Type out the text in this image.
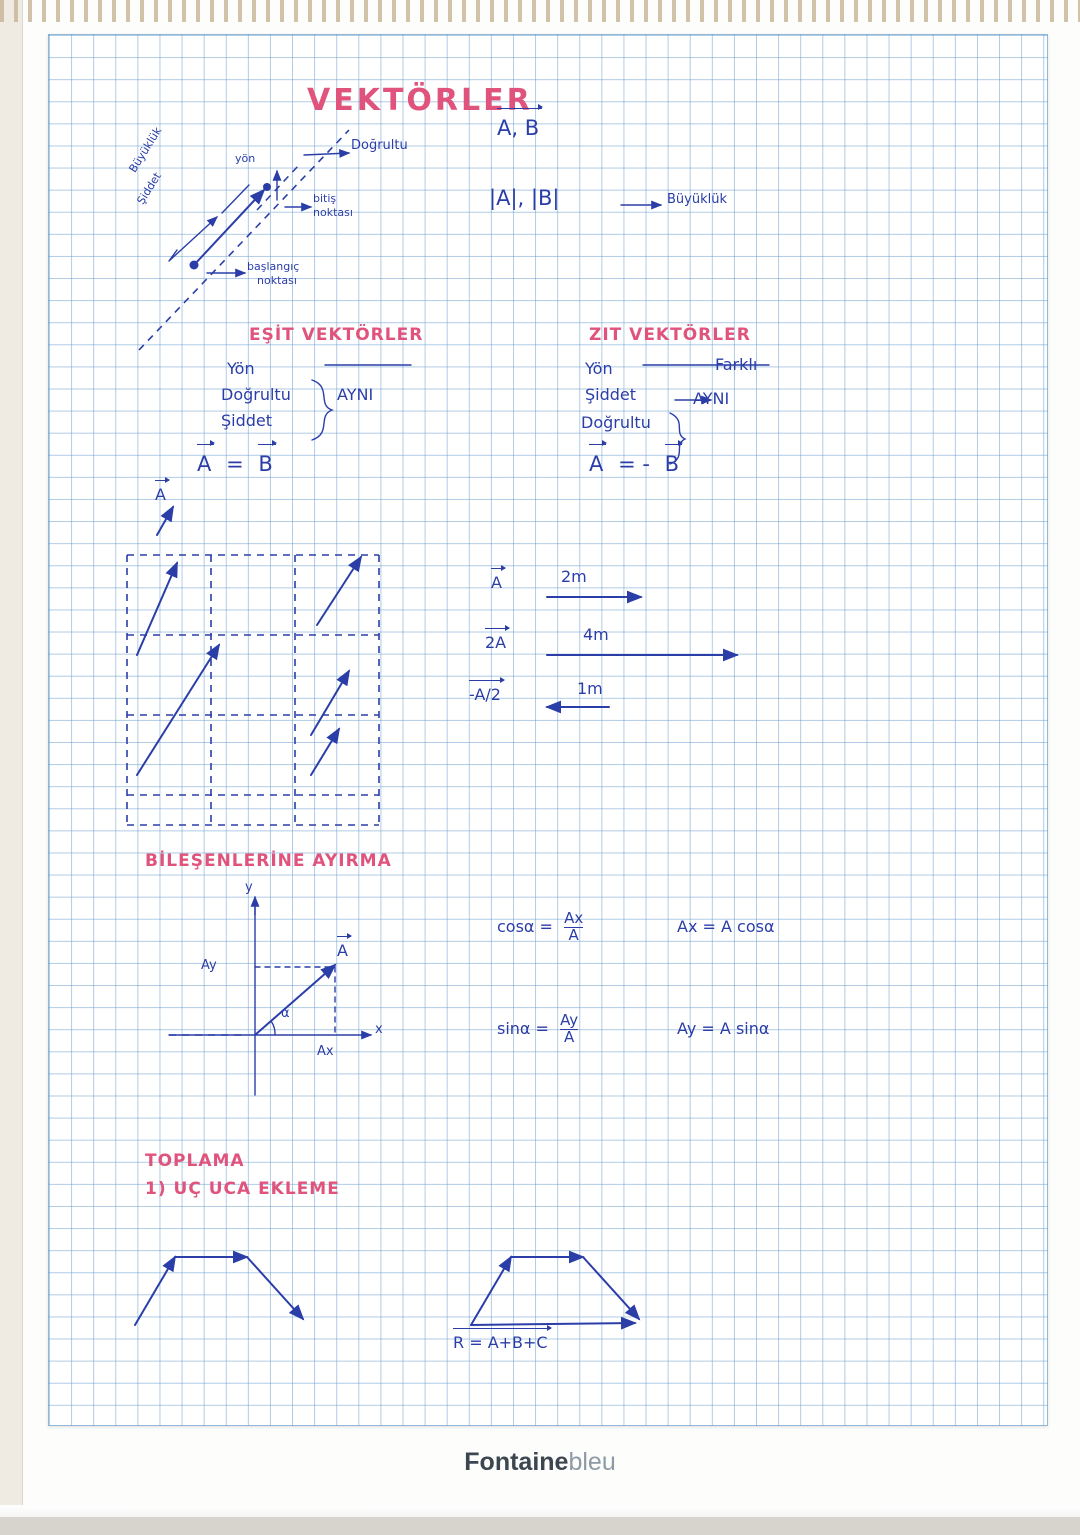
VEKTÖRLER
Doğrultu
yön
Büyüklük
Şiddet	bitiş
noktası
başlangıç
noktası
A, B
|A|, |B|	Büyüklük
EŞİT VEKTÖRLER
Yön
Doğrultu
Şiddet
AYNI
A = B
ZIT VEKTÖRLER
Yön	Farklı
Şiddet
Doğrultu
AYNI
A = - B
A
A	2m
2A	4m
-A/2	1m
BİLEŞENLERİNE AYIRMA
y
x
A
Ay
Ax
α
$\cos\alpha = \frac{Ax}{A}$	Ax = A cosα
$\sin\alpha = \frac{Ay}{A}$	Ay = A sinα
TOPLAMA
1) UÇ UCA EKLEME
R = A+B+C
Fontainebleu
